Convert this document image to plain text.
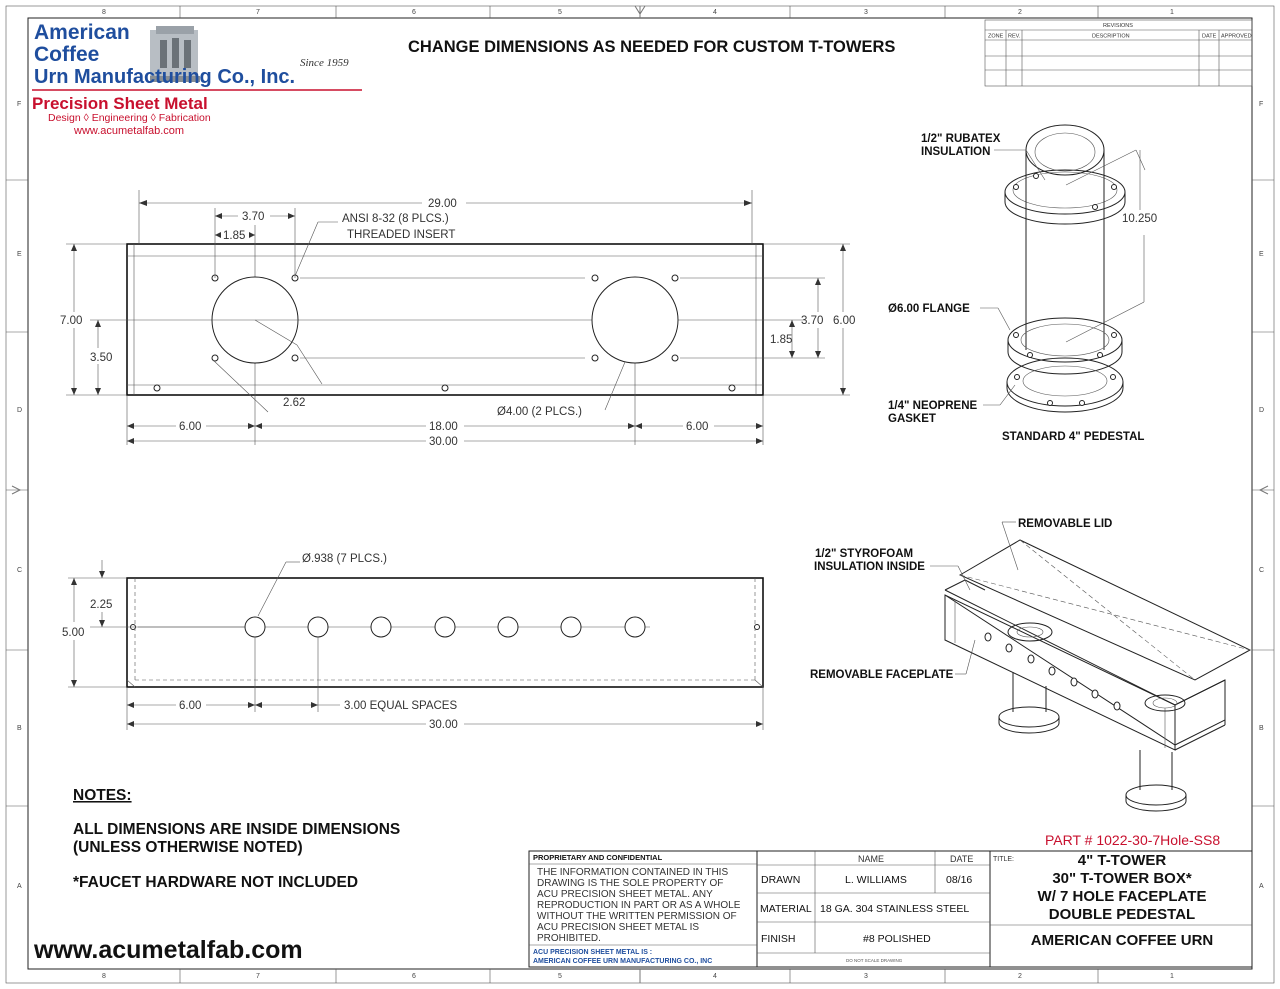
8	7	6	5	4	3	2	1
8	7	6	5	4	3	2	1
F
E
D
C
B
A
F
E
D
C
B
A
American
Coffee
Urn Manufacturing Co., Inc.
Since 1959
Precision Sheet Metal
Design ◊ Engineering ◊ Fabrication
www.acumetalfab.com
CHANGE DIMENSIONS AS NEEDED FOR CUSTOM T-TOWERS
REVISIONS
ZONE REV.	DESCRIPTION	DATE APPROVED
29.00
3.70
1.85
ANSI 8-32 (8 PLCS.)
THREADED INSERT
7.00
3.50
6.00
3.70
1.85
2.62
Ø4.00 (2 PLCS.)
6.00	18.00	6.00
30.00
Ø.938 (7 PLCS.)
2.25
5.00
6.00	3.00 EQUAL SPACES
30.00
1/2" RUBATEX
INSULATION
10.250
Ø6.00 FLANGE
1/4" NEOPRENE
GASKET
STANDARD 4" PEDESTAL
REMOVABLE LID
1/2" STYROFOAM
INSULATION INSIDE
REMOVABLE FACEPLATE
NOTES:
ALL DIMENSIONS ARE INSIDE DIMENSIONS
(UNLESS OTHERWISE NOTED)
*FAUCET HARDWARE NOT INCLUDED
www.acumetalfab.com
PART # 1022-30-7Hole-SS8
PROPRIETARY AND CONFIDENTIAL
THE INFORMATION CONTAINED IN THIS
DRAWING IS THE SOLE PROPERTY OF
ACU PRECISION SHEET METAL. ANY
REPRODUCTION IN PART OR AS A WHOLE
WITHOUT THE WRITTEN PERMISSION OF
ACU PRECISION SHEET METAL IS
PROHIBITED.
ACU PRECISION SHEET METAL IS :
AMERICAN COFFEE URN MANUFACTURING CO., INC
NAME	DATE
DRAWN	L. WILLIAMS	08/16
MATERIAL 18 GA. 304 STAINLESS STEEL
FINISH	#8 POLISHED
DO NOT SCALE DRAWING
TITLE:	4" T-TOWER
30" T-TOWER BOX*
W/ 7 HOLE FACEPLATE
DOUBLE PEDESTAL
AMERICAN COFFEE URN
